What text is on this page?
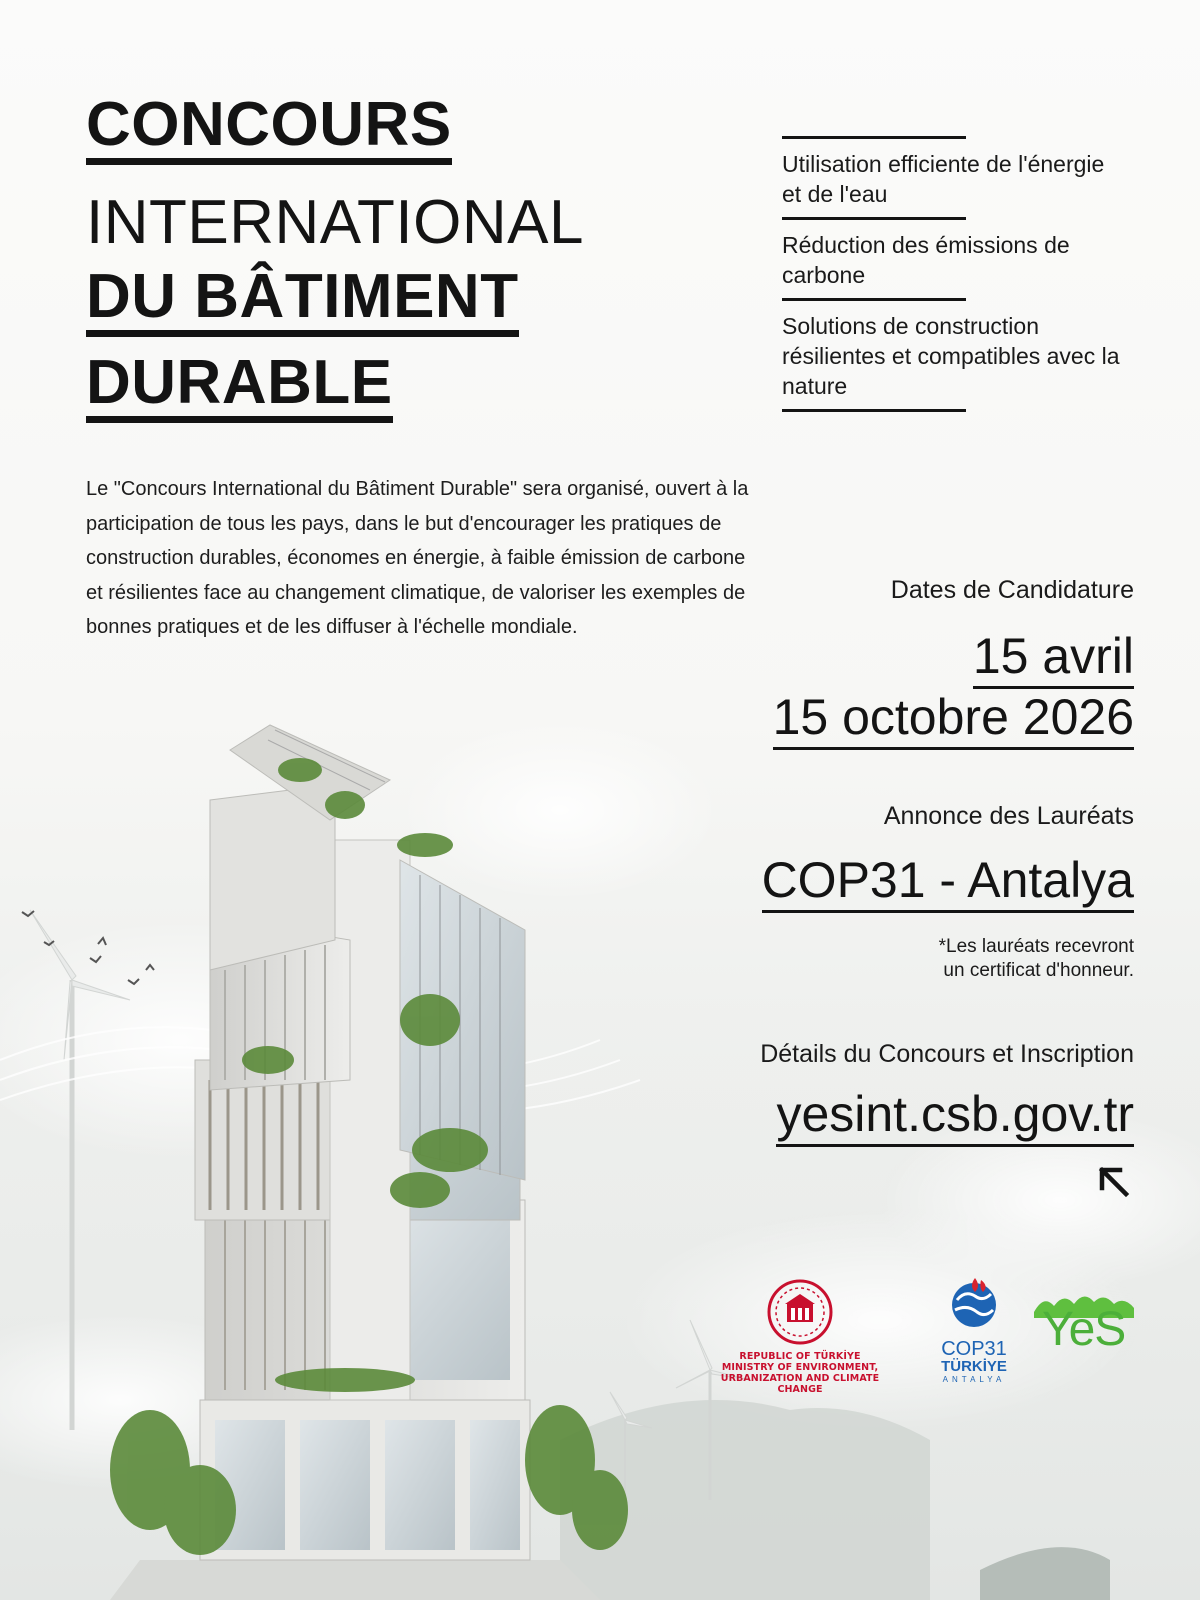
CONCOURS
INTERNATIONAL
DU BÂTIMENT
DURABLE
Utilisation efficiente de l'énergie et de l'eau
Réduction des émissions de carbone
Solutions de construction résilientes et compatibles avec la nature

Le "Concours International du Bâtiment Durable" sera organisé, ouvert à la participation de tous les pays, dans le but d'encourager les pratiques de construction durables, économes en énergie, à faible émission de carbone et résilientes face au changement climatique, de valoriser les exemples de bonnes pratiques et de les diffuser à l'échelle mondiale.

Dates de Candidature
15 avril
15 octobre 2026
Annonce des Lauréats
COP31 - Antalya
*Les lauréats recevront
un certificat d'honneur.
Détails du Concours et Inscription
yesint.csb.gov.tr
REPUBLIC OF TÜRKİYE
MINISTRY OF ENVIRONMENT,
URBANIZATION AND CLIMATE CHANGE
COP31
TÜRKİYE
ANTALYA
YeS
